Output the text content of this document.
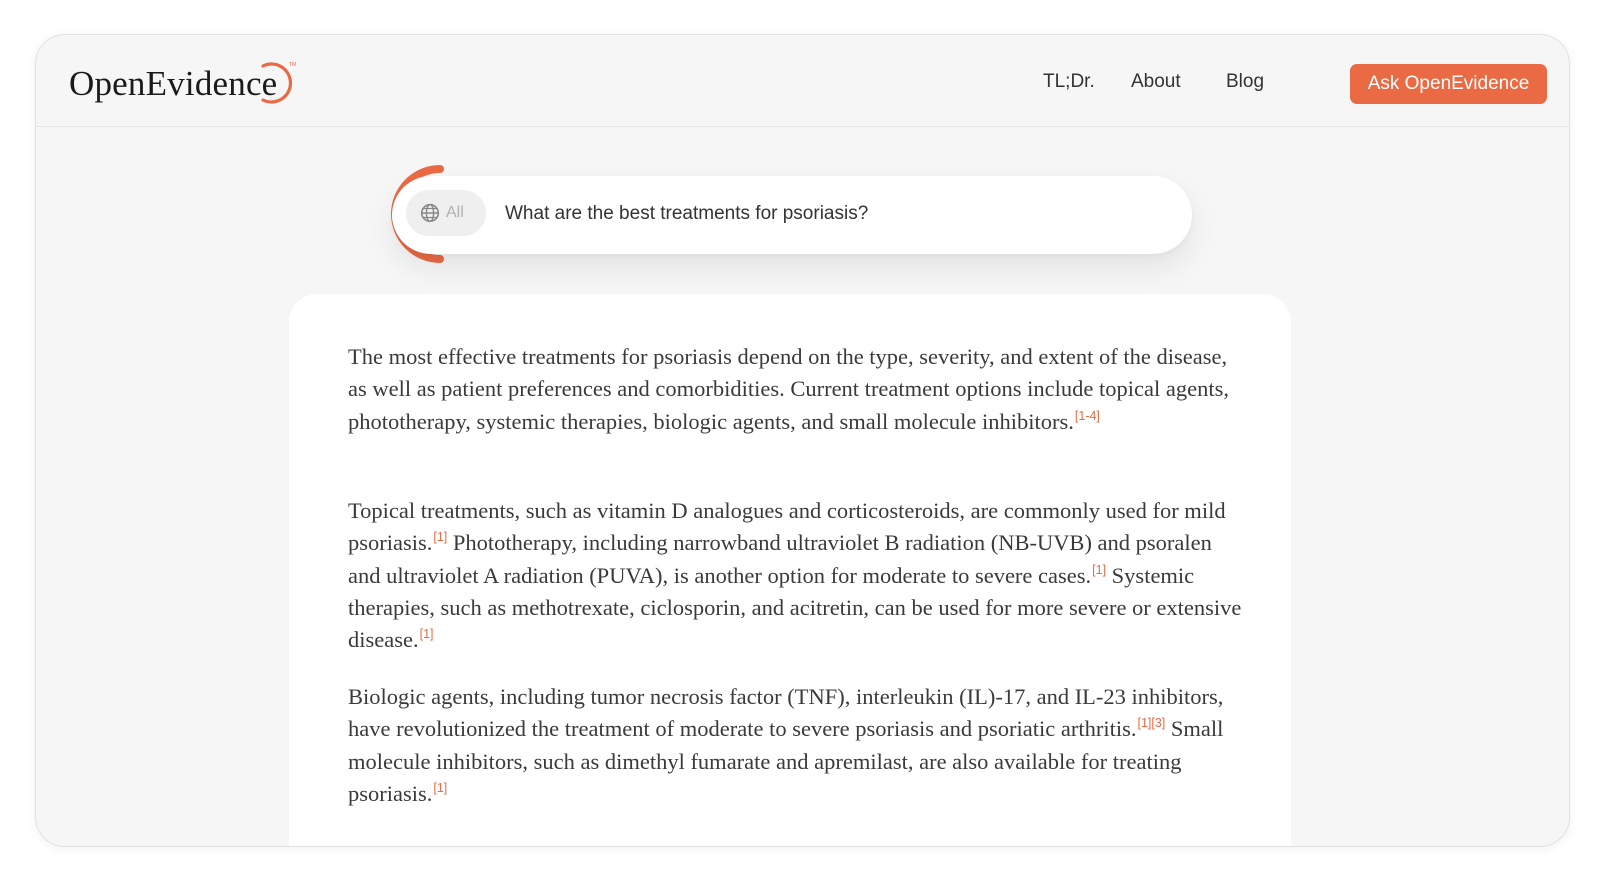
OpenEvidence TM
TL;Dr. About Blog	Ask OpenEvidence
All What are the best treatments for psoriasis?

The most effective treatments for psoriasis depend on the type, severity, and extent of the disease, as well as patient preferences and comorbidities. Current treatment options include topical agents, phototherapy, systemic therapies, biologic agents, and small molecule inhibitors.[1-4]

Topical treatments, such as vitamin D analogues and corticosteroids, are commonly used for mild psoriasis.[1] Phototherapy, including narrowband ultraviolet B radiation (NB-UVB) and psoralen and ultraviolet A radiation (PUVA), is another option for moderate to severe cases.[1] Systemic therapies, such as methotrexate, ciclosporin, and acitretin, can be used for more severe or extensive disease.[1]

Biologic agents, including tumor necrosis factor (TNF), interleukin (IL)-17, and IL-23 inhibitors, have revolutionized the treatment of moderate to severe psoriasis and psoriatic arthritis.[1][3] Small molecule inhibitors, such as dimethyl fumarate and apremilast, are also available for treating psoriasis.[1]
